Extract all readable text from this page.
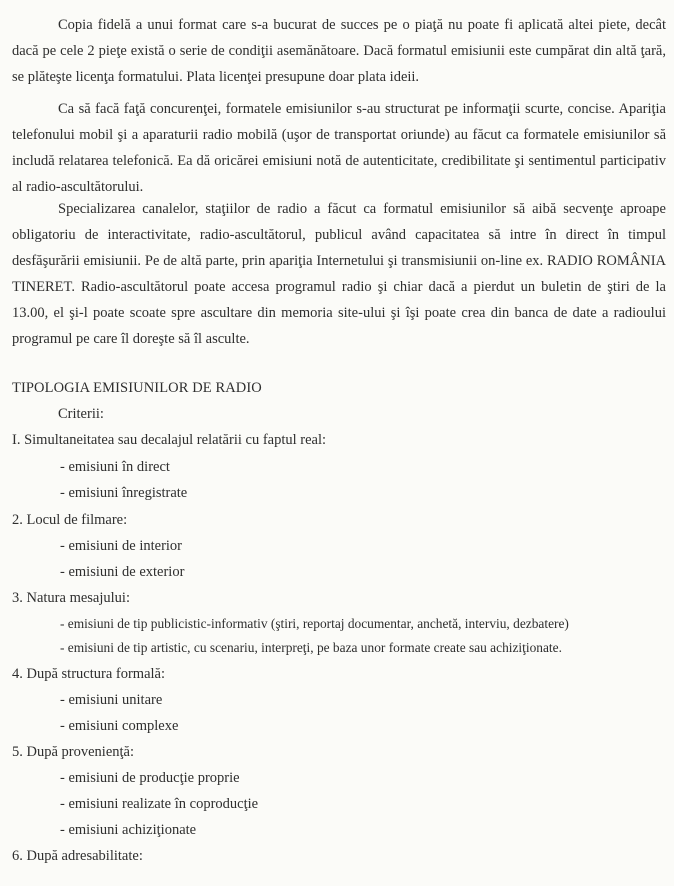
Copia fidelă a unui format care s-a bucurat de succes pe o piaţă nu poate fi aplicată altei piete, decât dacă pe cele 2 pieţe există o serie de condiţii asemănătoare. Dacă formatul emisiunii este cumpărat din altă ţară, se plăteşte licenţa formatului. Plata licenţei presupune doar plata ideii.

Ca să facă faţă concurenţei, formatele emisiunilor s-au structurat pe informaţii scurte, concise. Apariţia telefonului mobil şi a aparaturii radio mobilă (uşor de transportat oriunde) au făcut ca formatele emisiunilor să includă relatarea telefonică. Ea dă oricărei emisiuni notă de autenticitate, credibilitate şi sentimentul participativ al radio-ascultătorului.

Specializarea canalelor, staţiilor de radio a făcut ca formatul emisiunilor să aibă secvenţe aproape obligatoriu de interactivitate, radio-ascultătorul, publicul având capacitatea să intre în direct în timpul desfăşurării emisiunii. Pe de altă parte, prin apariţia Internetului şi transmisiunii on-line ex. RADIO ROMÂNIA TINERET. Radio-ascultătorul poate accesa programul radio şi chiar dacă a pierdut un buletin de ştiri de la 13.00, el şi-l poate scoate spre ascultare din memoria site-ului şi îşi poate crea din banca de date a radioului programul pe care îl doreşte să îl asculte.

TIPOLOGIA EMISIUNILOR DE RADIO

Criterii:

I. Simultaneitatea sau decalajul relatării cu faptul real:

- emisiuni în direct

- emisiuni înregistrate

2. Locul de filmare:

- emisiuni de interior

- emisiuni de exterior

3. Natura mesajului:

- emisiuni de tip publicistic-informativ (ştiri, reportaj documentar, anchetă, interviu, dezbatere)

- emisiuni de tip artistic, cu scenariu, interpreţi, pe baza unor formate create sau achiziţionate.

4. După structura formală:

- emisiuni unitare

- emisiuni complexe

5. După provenienţă:

- emisiuni de producţie proprie

- emisiuni realizate în coproducţie

- emisiuni achiziţionate

6. După adresabilitate:
